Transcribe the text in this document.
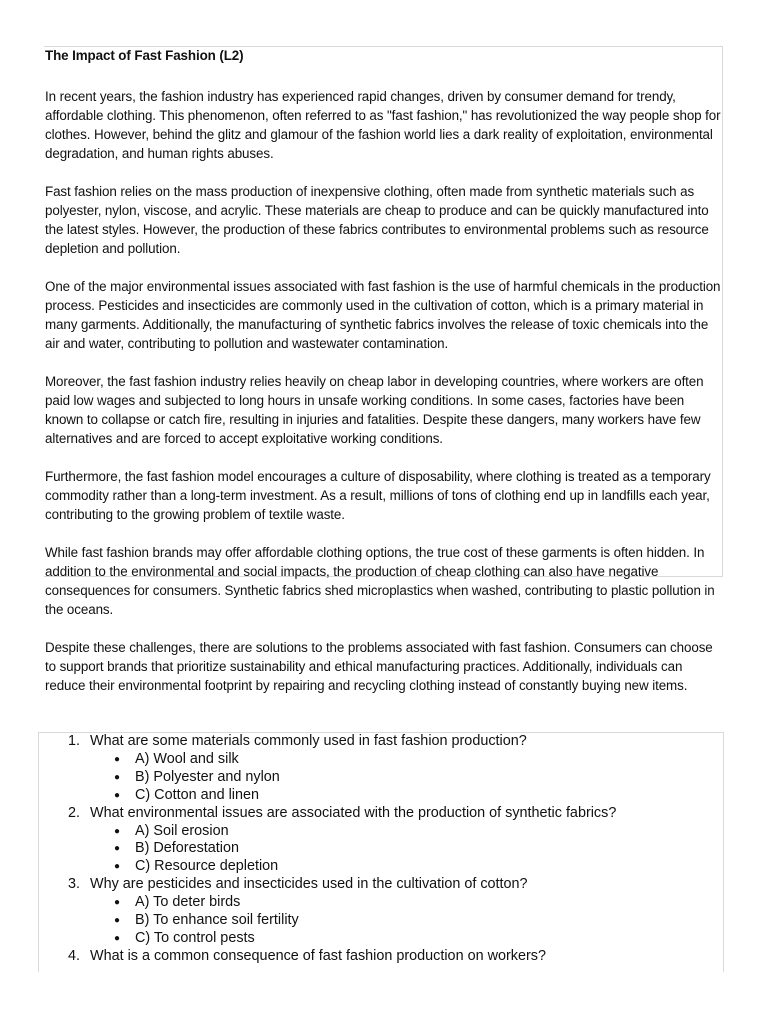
The Impact of Fast Fashion (L2)

In recent years, the fashion industry has experienced rapid changes, driven by consumer demand for trendy, affordable clothing. This phenomenon, often referred to as "fast fashion," has revolutionized the way people shop for clothes. However, behind the glitz and glamour of the fashion world lies a dark reality of exploitation, environmental degradation, and human rights abuses.

Fast fashion relies on the mass production of inexpensive clothing, often made from synthetic materials such as polyester, nylon, viscose, and acrylic. These materials are cheap to produce and can be quickly manufactured into the latest styles. However, the production of these fabrics contributes to environmental problems such as resource depletion and pollution.

One of the major environmental issues associated with fast fashion is the use of harmful chemicals in the production process. Pesticides and insecticides are commonly used in the cultivation of cotton, which is a primary material in many garments. Additionally, the manufacturing of synthetic fabrics involves the release of toxic chemicals into the air and water, contributing to pollution and wastewater contamination.

Moreover, the fast fashion industry relies heavily on cheap labor in developing countries, where workers are often paid low wages and subjected to long hours in unsafe working conditions. In some cases, factories have been known to collapse or catch fire, resulting in injuries and fatalities. Despite these dangers, many workers have few alternatives and are forced to accept exploitative working conditions.

Furthermore, the fast fashion model encourages a culture of disposability, where clothing is treated as a temporary commodity rather than a long-term investment. As a result, millions of tons of clothing end up in landfills each year, contributing to the growing problem of textile waste.

While fast fashion brands may offer affordable clothing options, the true cost of these garments is often hidden. In addition to the environmental and social impacts, the production of cheap clothing can also have negative consequences for consumers. Synthetic fabrics shed microplastics when washed, contributing to plastic pollution in the oceans.

Despite these challenges, there are solutions to the problems associated with fast fashion. Consumers can choose to support brands that prioritize sustainability and ethical manufacturing practices. Additionally, individuals can reduce their environmental footprint by repairing and recycling clothing instead of constantly buying new items.

1. What are some materials commonly used in fast fashion production?
●	A) Wool and silk
●	B) Polyester and nylon
●	C) Cotton and linen
2. What environmental issues are associated with the production of synthetic fabrics?
●	A) Soil erosion
●	B) Deforestation
●	C) Resource depletion
3. Why are pesticides and insecticides used in the cultivation of cotton?
●	A) To deter birds
●	B) To enhance soil fertility
●	C) To control pests
4. What is a common consequence of fast fashion production on workers?
